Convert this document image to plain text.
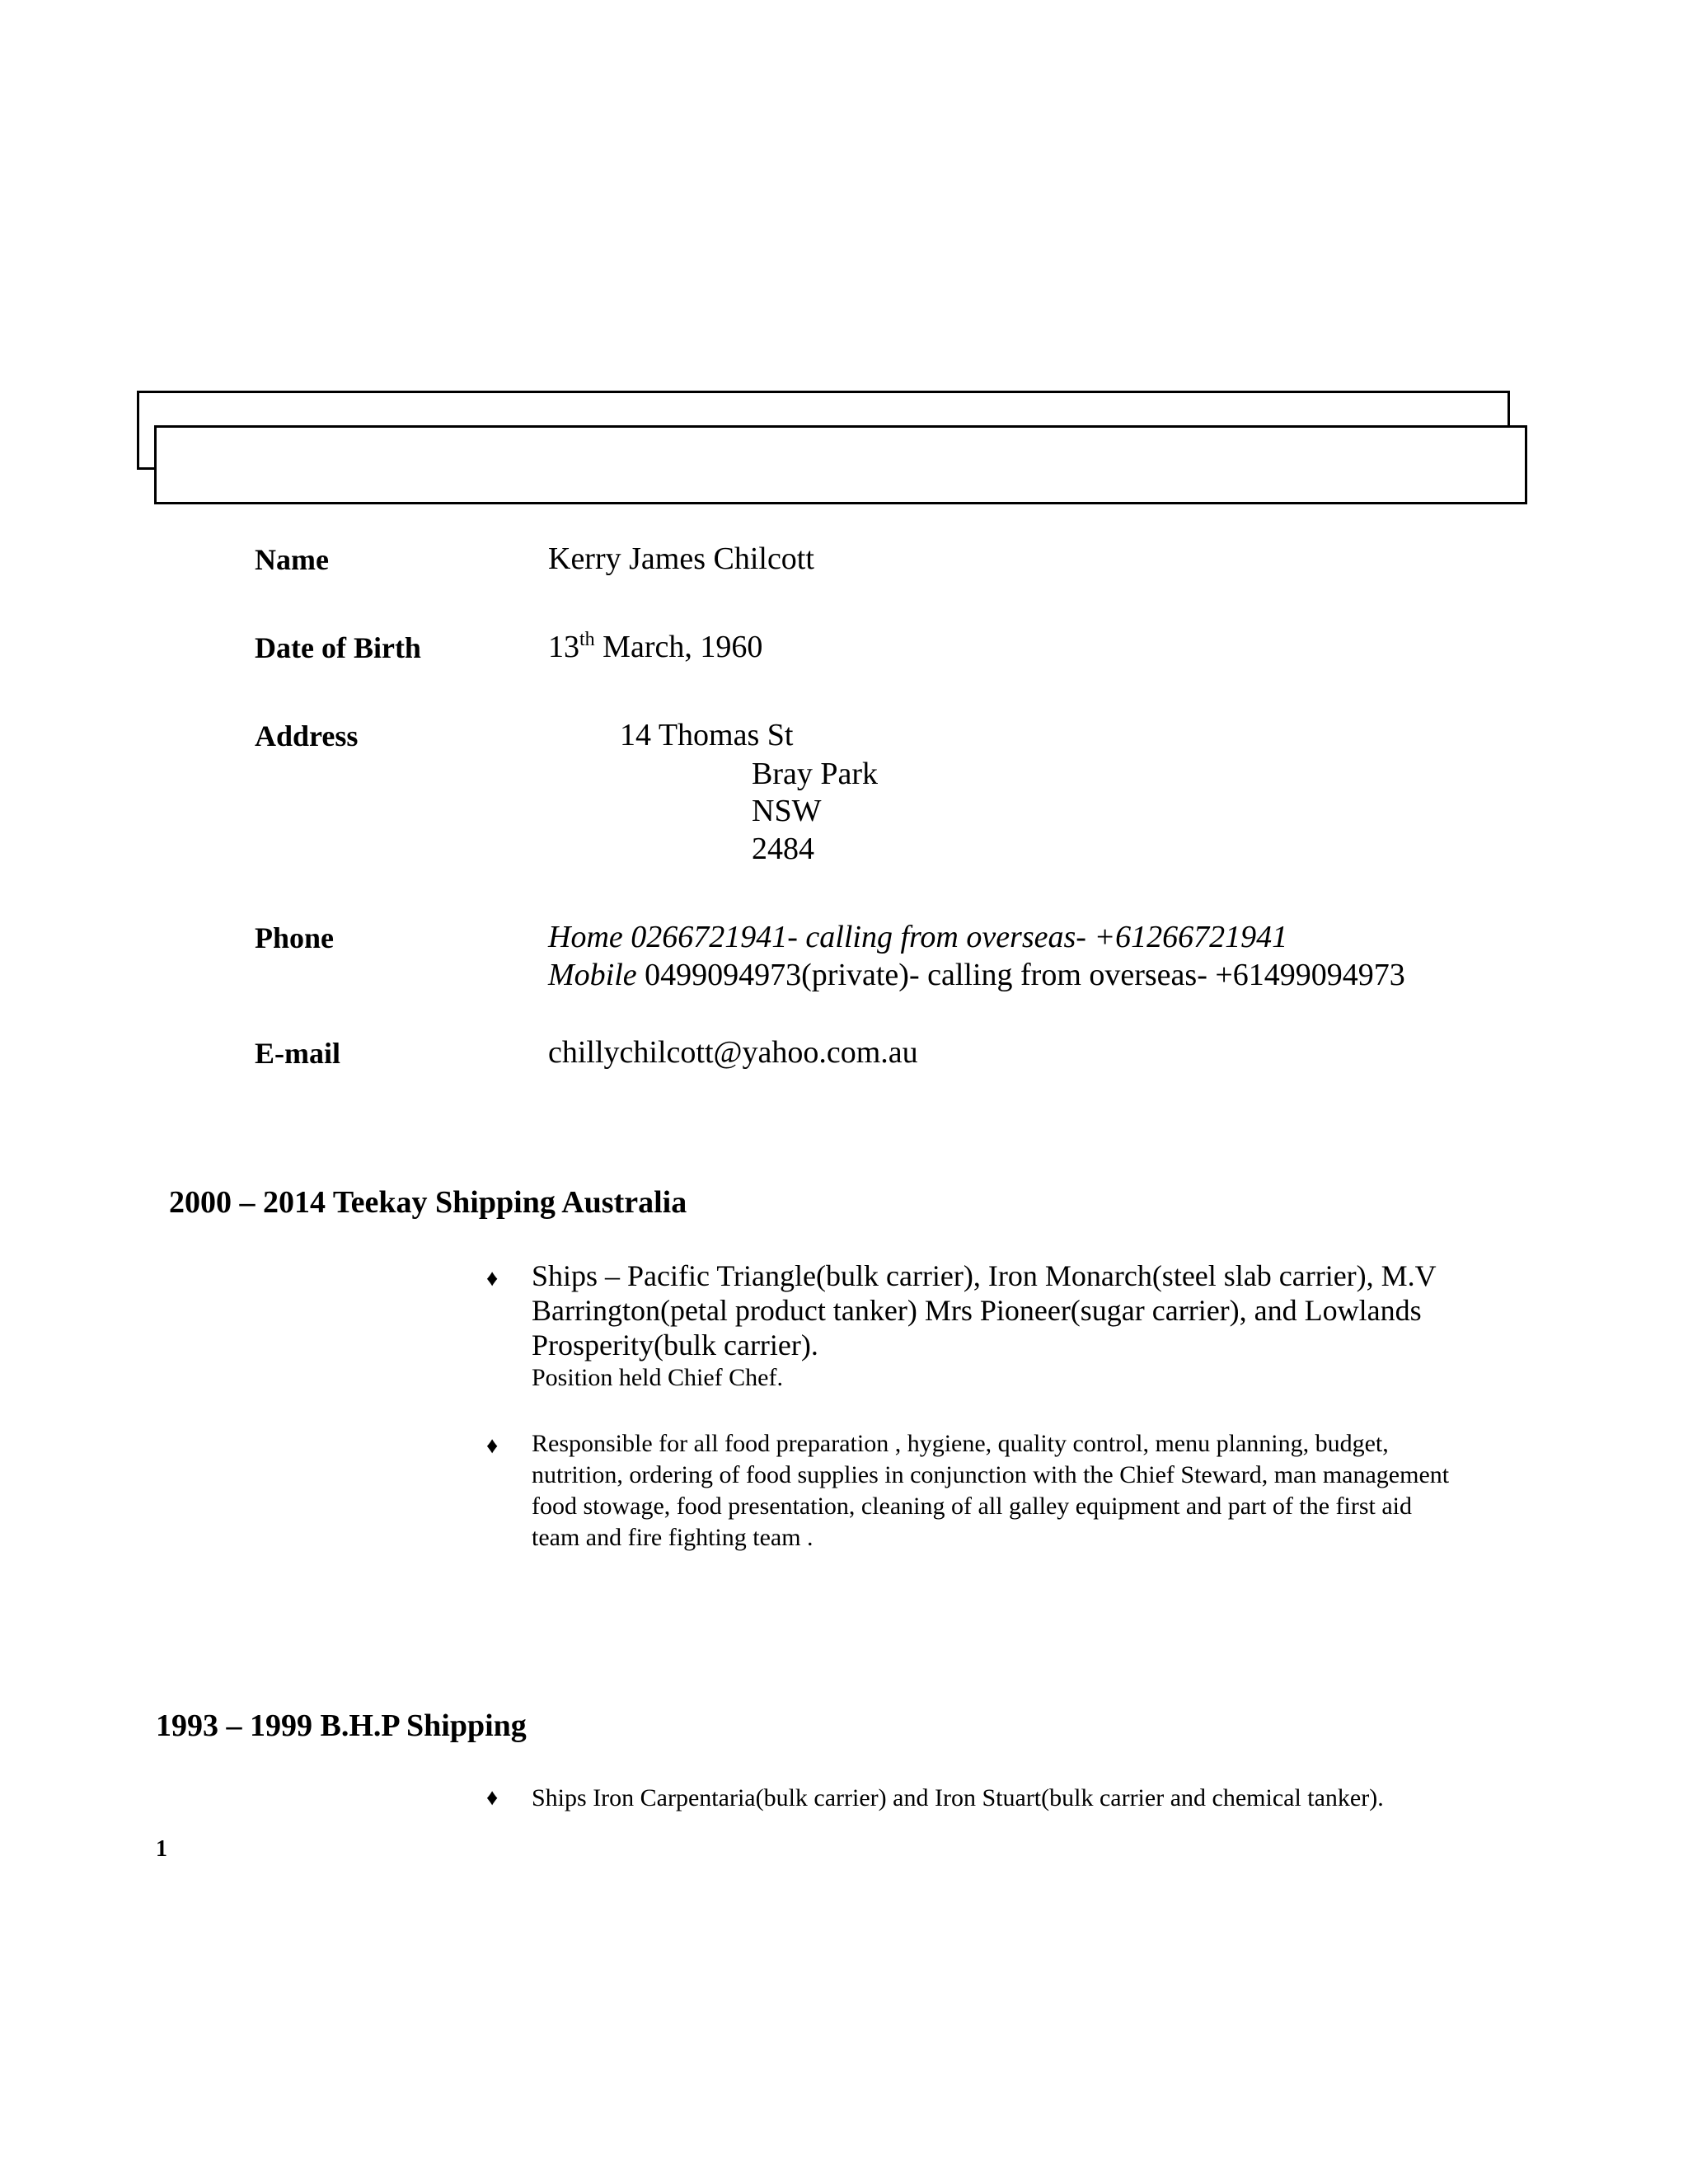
Name	Kerry James Chilcott
Date of Birth	13th March, 1960
Address	14 Thomas St
Bray Park
NSW
2484
Phone	Home 0266721941- calling from overseas- +61266721941
Mobile 0499094973(private)- calling from overseas- +61499094973
E-mail	chillychilcott@yahoo.com.au
2000 – 2014 Teekay Shipping Australia
♦ Ships – Pacific Triangle(bulk carrier), Iron Monarch(steel slab carrier), M.V Barrington(petal product tanker) Mrs Pioneer(sugar carrier), and Lowlands Prosperity(bulk carrier).
Position held Chief Chef.
♦ Responsible for all food preparation , hygiene, quality control, menu planning, budget, nutrition, ordering of food supplies in conjunction with the Chief Steward, man management food stowage, food presentation, cleaning of all galley equipment and part of the first aid team and fire fighting team .
1993 – 1999 B.H.P Shipping
♦ Ships Iron Carpentaria(bulk carrier) and Iron Stuart(bulk carrier and chemical tanker).
1
